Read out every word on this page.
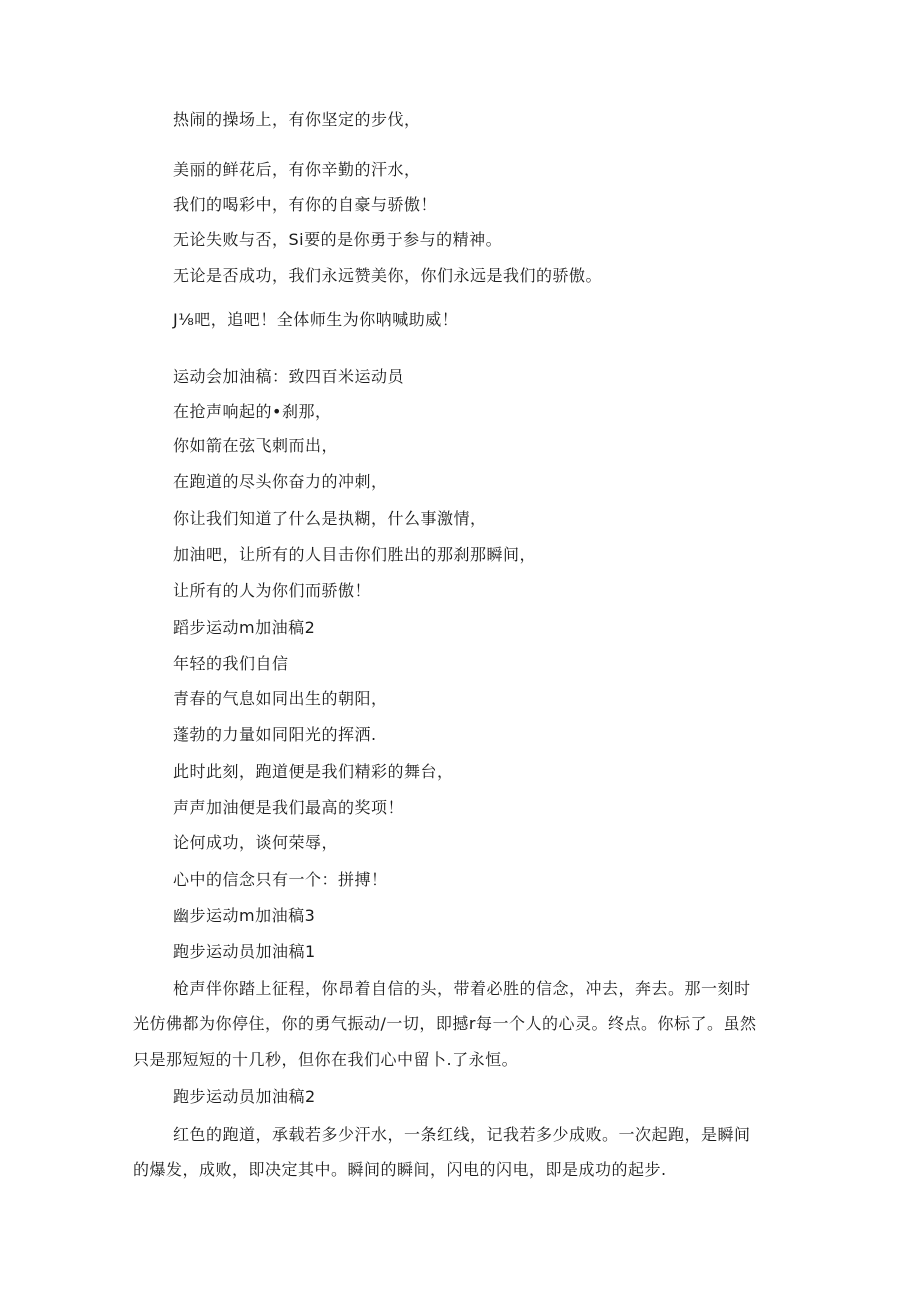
热闹的操场上，有你坚定的步伐，

美丽的鲜花后，有你辛勤的汗水，

我们的喝彩中，有你的自豪与骄傲！

无论失败与否，Si要的是你勇于参与的精神。

无论是否成功，我们永远赞美你，你们永远是我们的骄傲。

J⅛吧，追吧！全体师生为你呐喊助威！

运动会加油稿：致四百米运动员

在抢声响起的•刹那，

你如箭在弦飞刺而出，

在跑道的尽头你奋力的冲刺，

你让我们知道了什么是执糊，什么事激情，

加油吧，让所有的人目击你们胜出的那刹那瞬间，

让所有的人为你们而骄傲！

蹈步运动m加油稿2

年轻的我们自信

青春的气息如同出生的朝阳，

蓬勃的力量如同阳光的挥洒.

此时此刻，跑道便是我们精彩的舞台，

声声加油便是我们最高的奖项！

论何成功，谈何荣辱，

心中的信念只有一个：拼搏！

幽步运动m加油稿3

跑步运动员加油稿1

枪声伴你踏上征程，你昂着自信的头，带着必胜的信念，冲去，奔去。那一刻时

光仿佛都为你停住，你的勇气振动/一切，即撼r每一个人的心灵。终点。你标了。虽然

只是那短短的十几秒，但你在我们心中留卜.了永恒。

跑步运动员加油稿2

红色的跑道，承载若多少汗水，一条红线，记我若多少成败。一次起跑，是瞬间

的爆发，成败，即决定其中。瞬间的瞬间，闪电的闪电，即是成功的起步.
